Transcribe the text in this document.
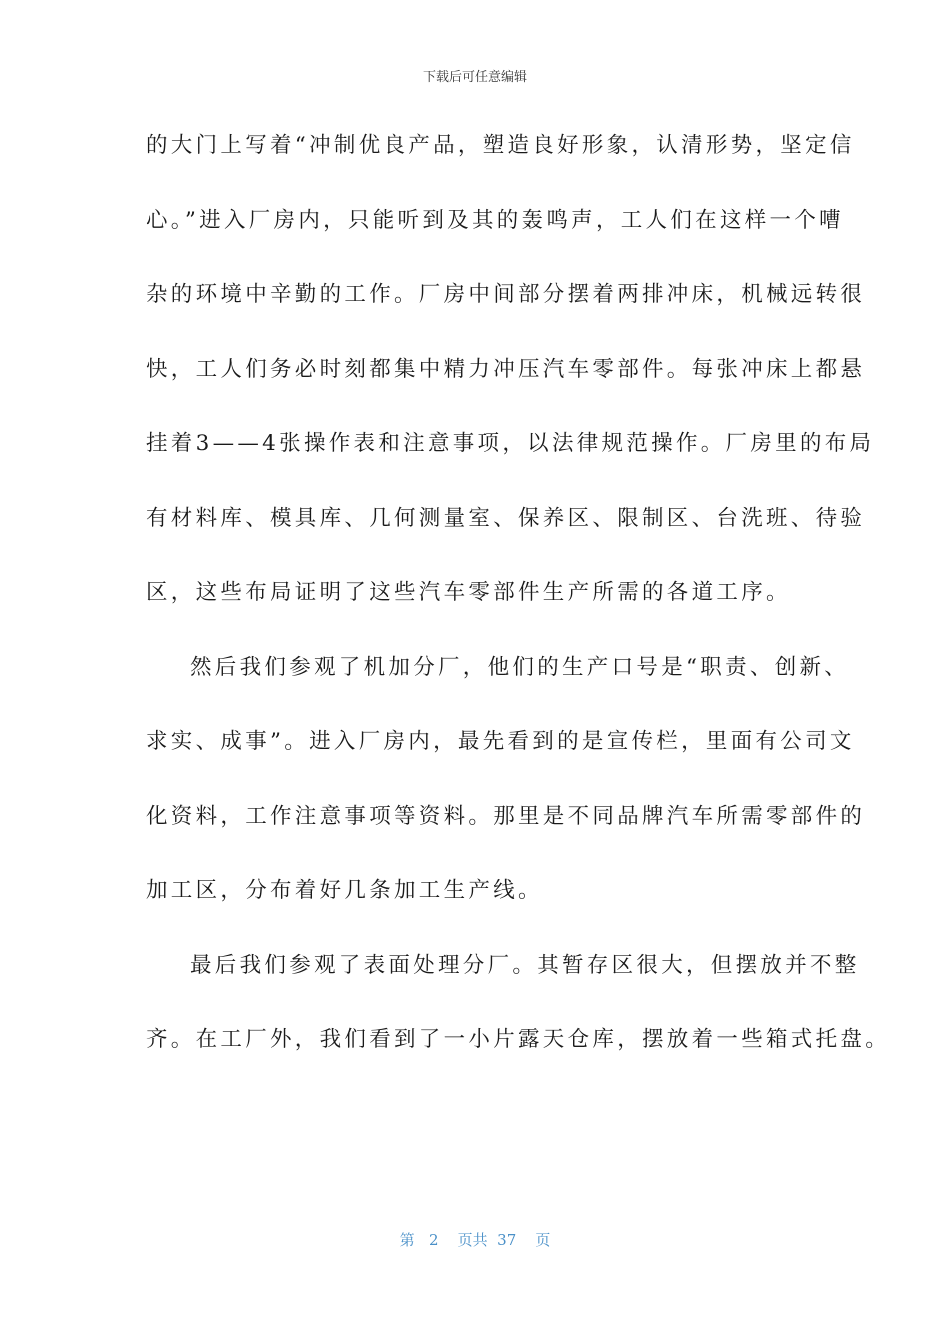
下载后可任意编辑
的大门上写着“冲制优良产品，塑造良好形象，认清形势，坚定信
心。”进入厂房内，只能听到及其的轰鸣声，工人们在这样一个嘈
杂的环境中辛勤的工作。厂房中间部分摆着两排冲床，机械远转很
快，工人们务必时刻都集中精力冲压汽车零部件。每张冲床上都悬
挂着3——4张操作表和注意事项，以法律规范操作。厂房里的布局
有材料库、模具库、几何测量室、保养区、限制区、台洗班、待验
区，这些布局证明了这些汽车零部件生产所需的各道工序。
然后我们参观了机加分厂，他们的生产口号是“职责、创新、
求实、成事”。进入厂房内，最先看到的是宣传栏，里面有公司文
化资料，工作注意事项等资料。那里是不同品牌汽车所需零部件的
加工区，分布着好几条加工生产线。
最后我们参观了表面处理分厂。其暂存区很大，但摆放并不整
齐。在工厂外，我们看到了一小片露天仓库，摆放着一些箱式托盘。
第 2 页共 37 页
